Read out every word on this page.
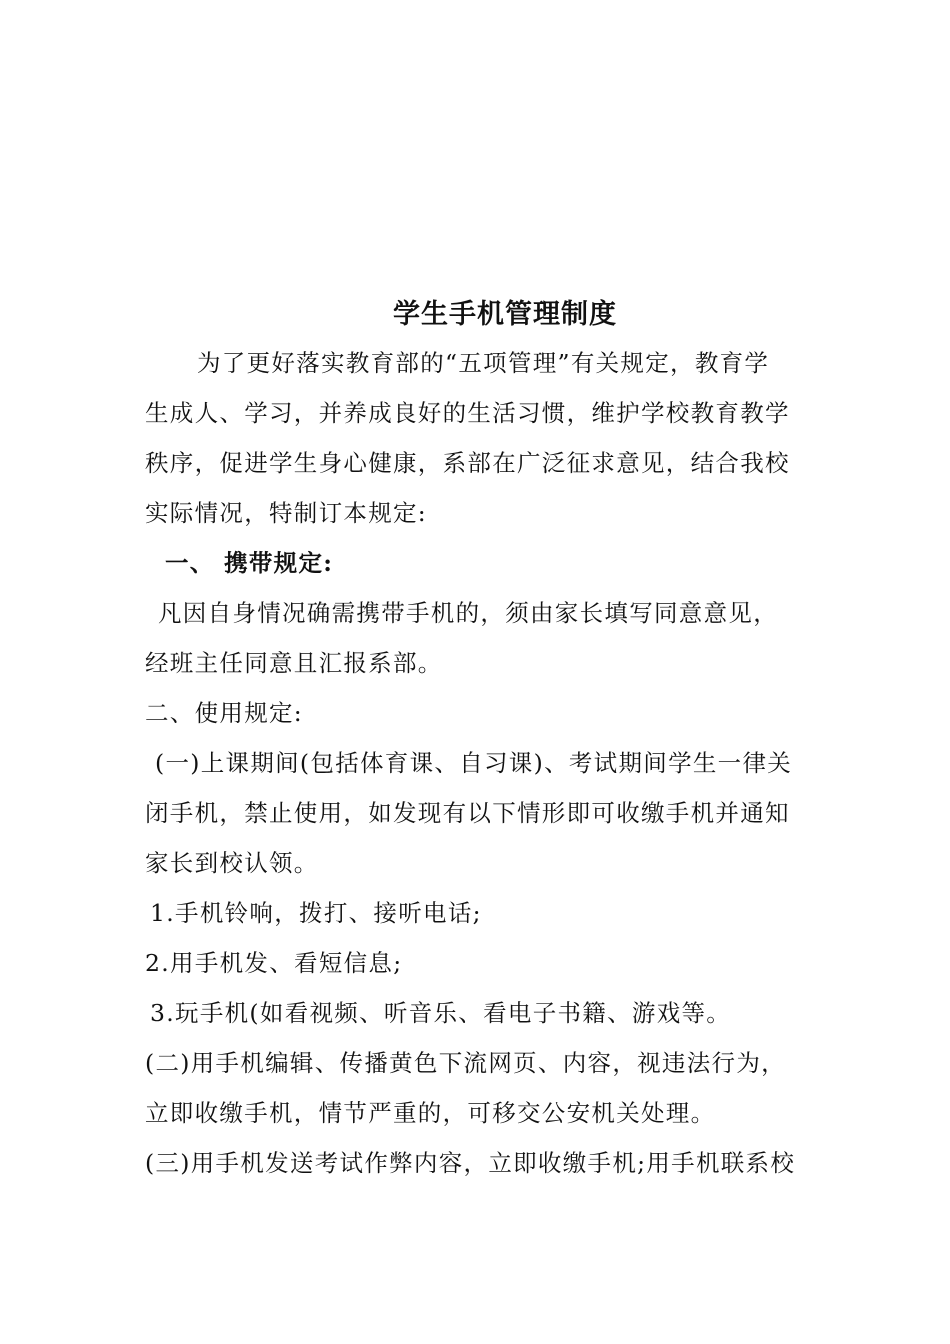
学生手机管理制度
为了更好落实教育部的“五项管理”有关规定，教育学
生成人、学习，并养成良好的生活习惯，维护学校教育教学
秩序，促进学生身心健康，系部在广泛征求意见，结合我校
实际情况，特制订本规定:
一、 携带规定:
凡因自身情况确需携带手机的，须由家长填写同意意见，
经班主任同意且汇报系部。
二、使用规定:
(一)上课期间(包括体育课、自习课)、考试期间学生一律关
闭手机，禁止使用，如发现有以下情形即可收缴手机并通知
家长到校认领。
1.手机铃响，拨打、接听电话;
2.用手机发、看短信息;
3.玩手机(如看视频、听音乐、看电子书籍、游戏等。
(二)用手机编辑、传播黄色下流网页、内容，视违法行为，
立即收缴手机，情节严重的，可移交公安机关处理。
(三)用手机发送考试作弊内容，立即收缴手机;用手机联系校
